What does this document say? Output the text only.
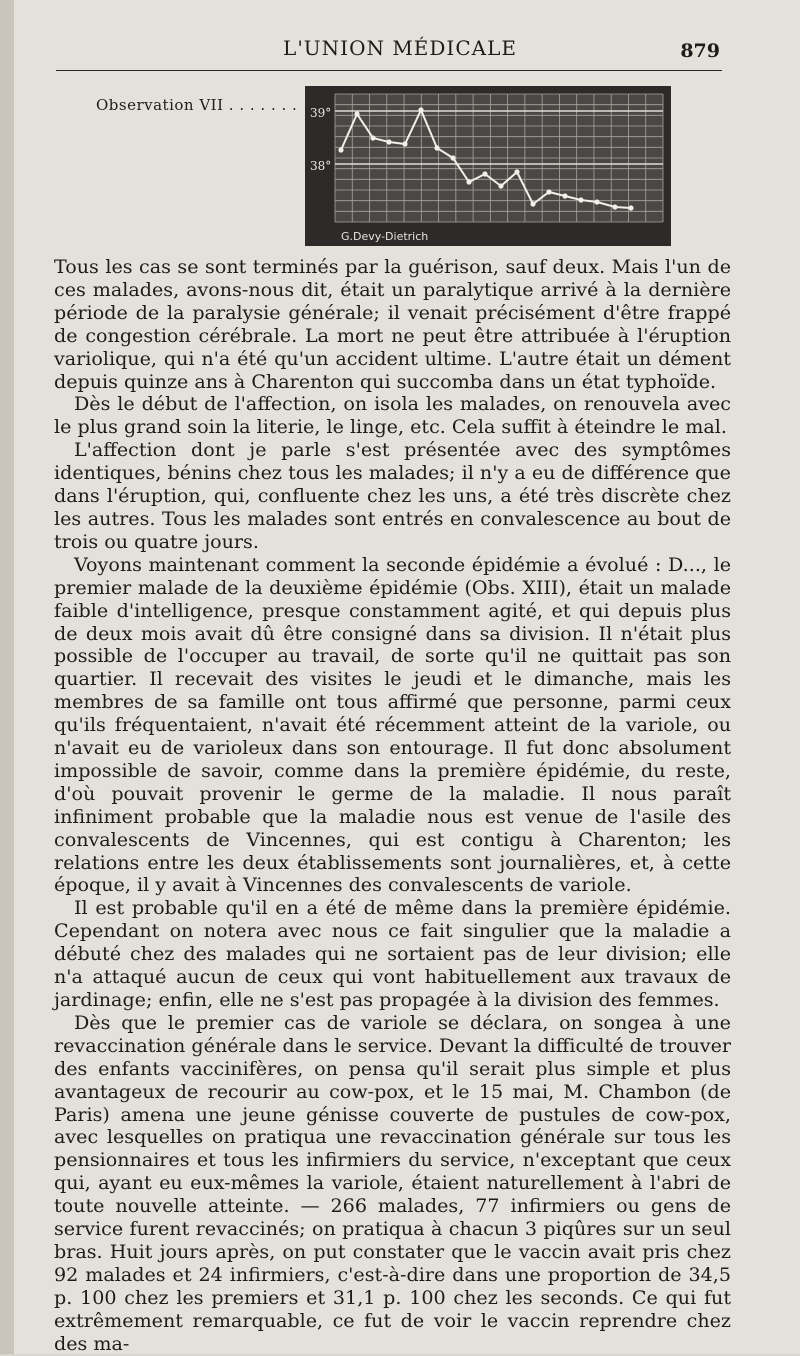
L'UNION MÉDICALE	879
Observation VII . . . . . . . 39°
38°
G.Devy-Dietrich

Tous les cas se sont terminés par la guérison, sauf deux. Mais l'un de ces malades, avons-nous dit, était un paralytique arrivé à la dernière période de la paralysie générale; il venait précisément d'être frappé de congestion cérébrale. La mort ne peut être attribuée à l'éruption variolique, qui n'a été qu'un accident ultime. L'autre était un dément depuis quinze ans à Charenton qui succomba dans un état typhoïde.

Dès le début de l'affection, on isola les malades, on renouvela avec le plus grand soin la literie, le linge, etc. Cela suffit à éteindre le mal.

L'affection dont je parle s'est présentée avec des symptômes identiques, bénins chez tous les malades; il n'y a eu de différence que dans l'éruption, qui, confluente chez les uns, a été très discrète chez les autres. Tous les malades sont entrés en convalescence au bout de trois ou quatre jours.

Voyons maintenant comment la seconde épidémie a évolué : D..., le premier malade de la deuxième épidémie (Obs. XIII), était un malade faible d'intelligence, presque constamment agité, et qui depuis plus de deux mois avait dû être consigné dans sa division. Il n'était plus possible de l'occuper au travail, de sorte qu'il ne quittait pas son quartier. Il recevait des visites le jeudi et le dimanche, mais les membres de sa famille ont tous affirmé que personne, parmi ceux qu'ils fréquentaient, n'avait été récemment atteint de la variole, ou n'avait eu de varioleux dans son entourage. Il fut donc absolument impossible de savoir, comme dans la première épidémie, du reste, d'où pouvait provenir le germe de la maladie. Il nous paraît infiniment probable que la maladie nous est venue de l'asile des convalescents de Vincennes, qui est contigu à Charenton; les relations entre les deux établissements sont journalières, et, à cette époque, il y avait à Vincennes des convalescents de variole.

Il est probable qu'il en a été de même dans la première épidémie. Cependant on notera avec nous ce fait singulier que la maladie a débuté chez des malades qui ne sortaient pas de leur division; elle n'a attaqué aucun de ceux qui vont habituellement aux travaux de jardinage; enfin, elle ne s'est pas propagée à la division des femmes.

Dès que le premier cas de variole se déclara, on songea à une revaccination générale dans le service. Devant la difficulté de trouver des enfants vaccinifères, on pensa qu'il serait plus simple et plus avantageux de recourir au cow-pox, et le 15 mai, M. Chambon (de Paris) amena une jeune génisse couverte de pustules de cow-pox, avec lesquelles on pratiqua une revaccination générale sur tous les pensionnaires et tous les infirmiers du service, n'exceptant que ceux qui, ayant eu eux-mêmes la variole, étaient naturellement à l'abri de toute nouvelle atteinte. — 266 malades, 77 infirmiers ou gens de service furent revaccinés; on pratiqua à chacun 3 piqûres sur un seul bras. Huit jours après, on put constater que le vaccin avait pris chez 92 malades et 24 infirmiers, c'est-à-dire dans une proportion de 34,5 p. 100 chez les premiers et 31,1 p. 100 chez les seconds. Ce qui fut extrêmement remarquable, ce fut de voir le vaccin reprendre chez des ma-
